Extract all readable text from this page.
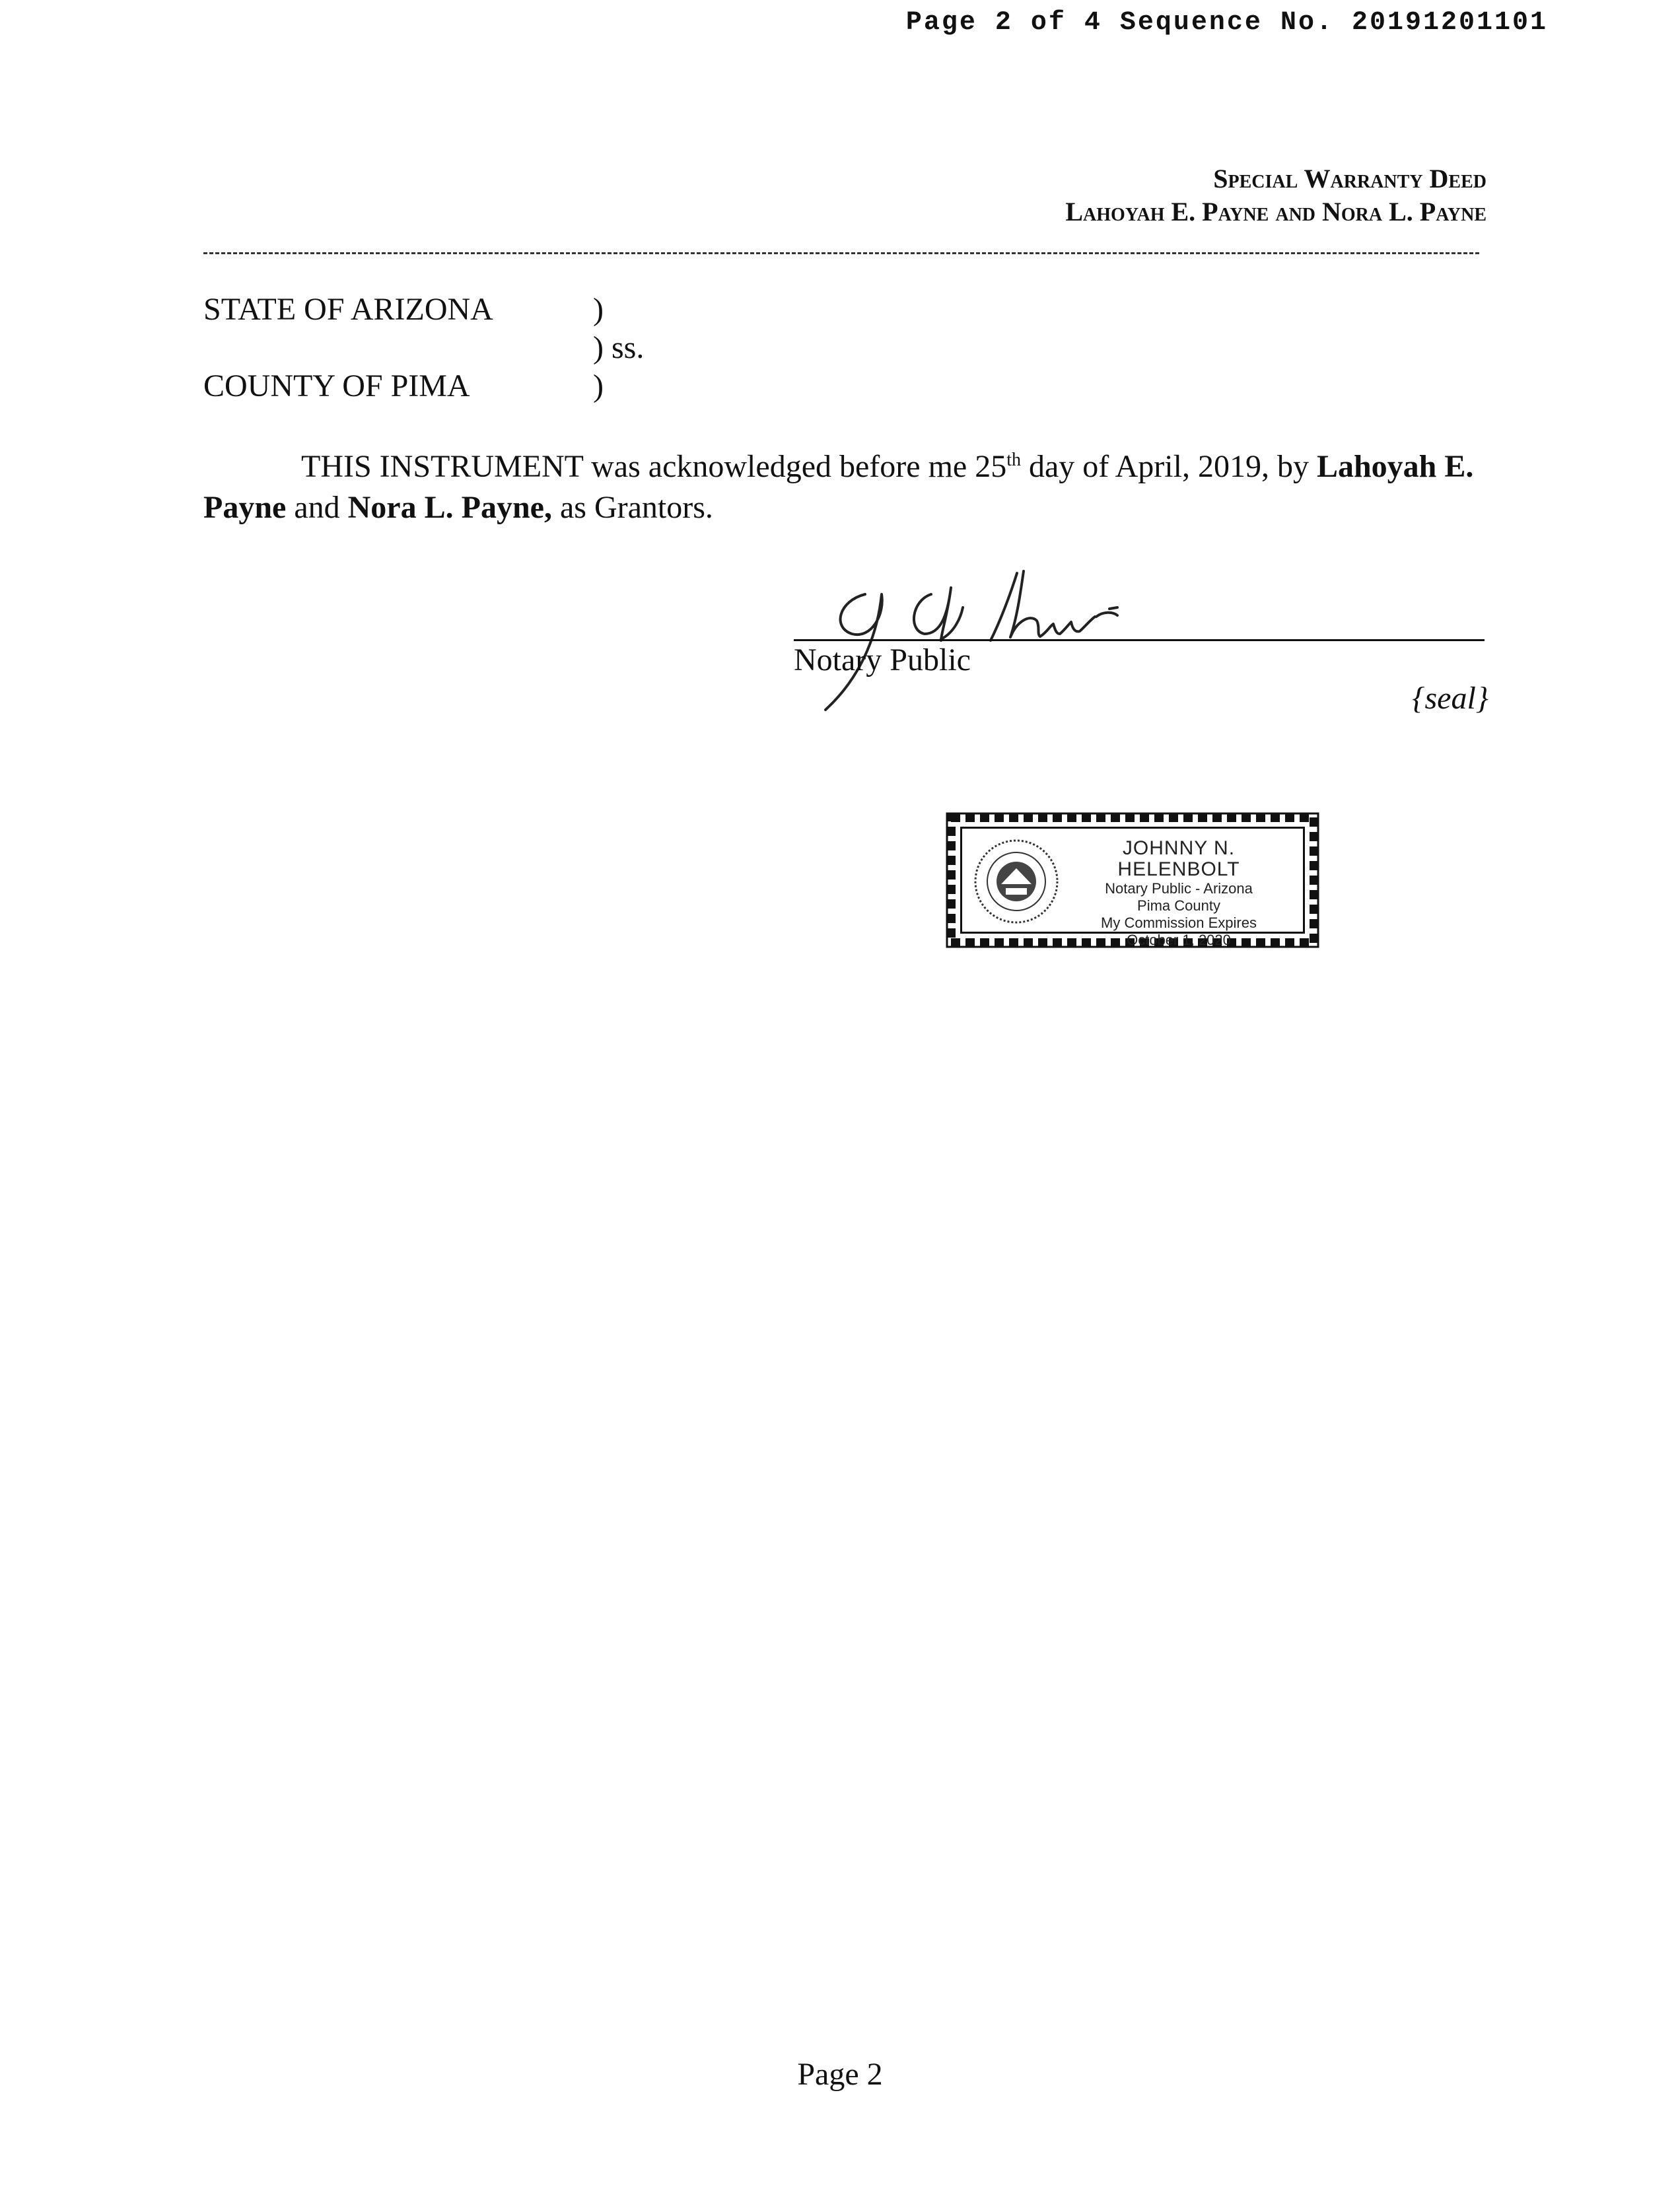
Page 2 of 4 Sequence No. 20191201101
Special Warranty Deed
Lahoyah E. Payne and Nora L. Payne
STATE OF ARIZONA	)
) ss.
COUNTY OF PIMA	)
THIS INSTRUMENT was acknowledged before me 25th day of April, 2019, by Lahoyah E. Payne and Nora L. Payne, as Grantors.
Notary Public
{seal}
JOHNNY N. HELENBOLT
Notary Public - Arizona
Pima County
My Commission Expires
October 1, 2020
Page 2
